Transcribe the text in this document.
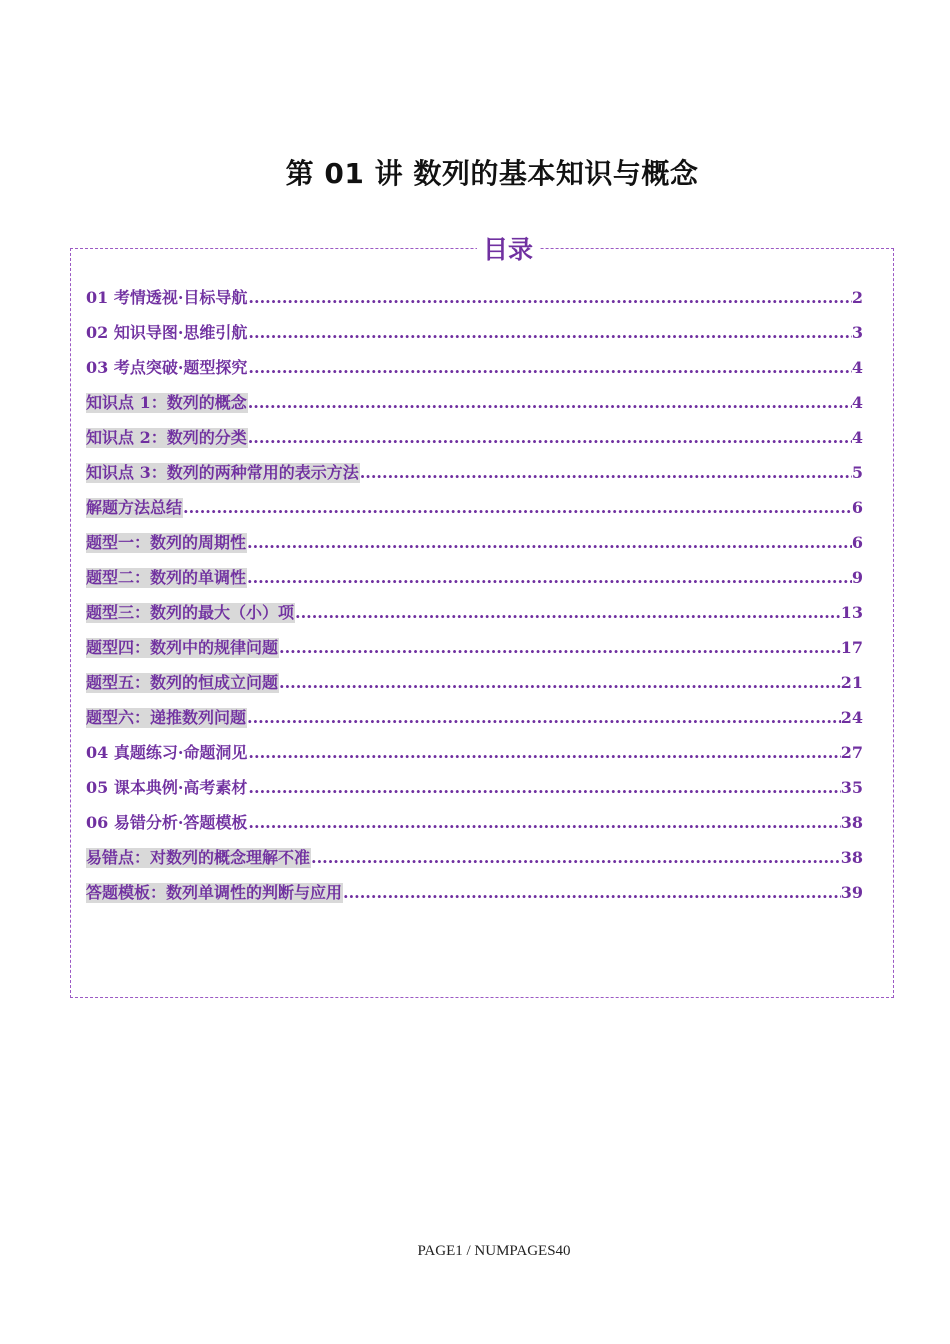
第 01 讲 数列的基本知识与概念
目录
01 考情透视·目标导航 .....	2
02 知识导图·思维引航 .....	3
03 考点突破·题型探究 .....	4
知识点 1：数列的概念 .....	4
知识点 2：数列的分类 .....	4
知识点 3：数列的两种常用的表示方法 .....	5
解题方法总结 .....	6
题型一：数列的周期性 .....	6
题型二：数列的单调性 .....	9
题型三：数列的最大（小）项 .....	13
题型四：数列中的规律问题 .....	17
题型五：数列的恒成立问题 .....	21
题型六：递推数列问题 .....	24
04 真题练习·命题洞见 .....	27
05 课本典例·高考素材 .....	35
06 易错分析·答题模板 .....	38
易错点：对数列的概念理解不准 .....	38
答题模板：数列单调性的判断与应用 .....	39
PAGE1 / NUMPAGES40
